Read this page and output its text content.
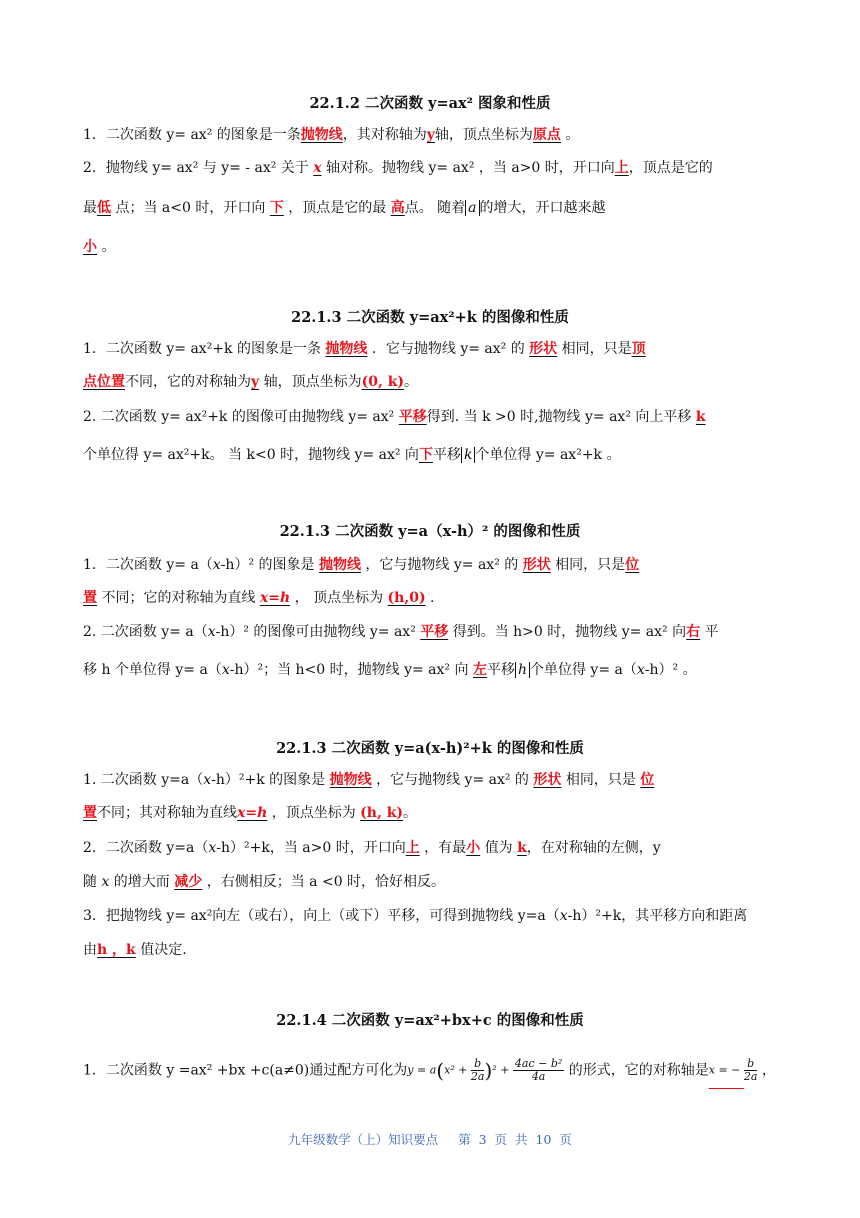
22.1.2 二次函数 y=ax² 图象和性质
1．二次函数 y= ax² 的图象是一条抛物线，其对称轴为y轴，顶点坐标为原点 。
2．抛物线 y= ax² 与 y= - ax² 关于 x 轴对称。抛物线 y= ax² ，当 a>0 时，开口向上，顶点是它的
最低 点；当 a<0 时，开口向 下 ，顶点是它的最 高点。 随着 a 的增大，开口越来越
小 。
22.1.3 二次函数 y=ax²+k 的图像和性质
1．二次函数 y= ax²+k 的图象是一条 抛物线 ．它与抛物线 y= ax² 的 形状 相同，只是顶
点位置不同，它的对称轴为y 轴，顶点坐标为(0, k)。
2. 二次函数 y= ax²+k 的图像可由抛物线 y= ax² 平移得到. 当 k >0 时,抛物线 y= ax² 向上平移 k
个单位得 y= ax²+k。 当 k<0 时，抛物线 y= ax² 向下平移 k 个单位得 y= ax²+k 。
22.1.3 二次函数 y=a（x-h）² 的图像和性质
1．二次函数 y= a（x-h）² 的图象是 抛物线 ，它与抛物线 y= ax² 的 形状 相同，只是位
置 不同；它的对称轴为直线 x=h ， 顶点坐标为 (h,0) .
2. 二次函数 y= a（x-h）² 的图像可由抛物线 y= ax² 平移 得到。当 h>0 时，抛物线 y= ax² 向右 平
移 h 个单位得 y= a（x-h）²；当 h<0 时，抛物线 y= ax² 向 左平移 h 个单位得 y= a（x-h）² 。
22.1.3 二次函数 y=a(x-h)²+k 的图像和性质
1. 二次函数 y=a（x-h）²+k 的图象是 抛物线 ，它与抛物线 y= ax² 的 形状 相同，只是 位
置不同；其对称轴为直线x=h ，顶点坐标为 (h, k)。
2．二次函数 y=a（x-h）²+k，当 a>0 时，开口向上 ，有最小 值为 k，在对称轴的左侧，y
随 x 的增大而 减少 ，右侧相反；当 a <0 时，恰好相反。
3．把抛物线 y= ax²向左（或右），向上（或下）平移，可得到抛物线 y=a（x-h）²+k，其平移方向和距离
由h ，k 值决定.
22.1.4 二次函数 y=ax²+bx+c 的图像和性质
1．二次函数 y =ax² +bx +c(a≠0)通过配方可化为$y = a(x^2 + \frac{b}{2a} )^2 + \frac{\text{4ac − b²}}{4a}$ 的形式，它的对称轴是x = − $\frac{b}{2a}$ ，
九年级数学（上）知识要点 第 3 页 共 10 页
